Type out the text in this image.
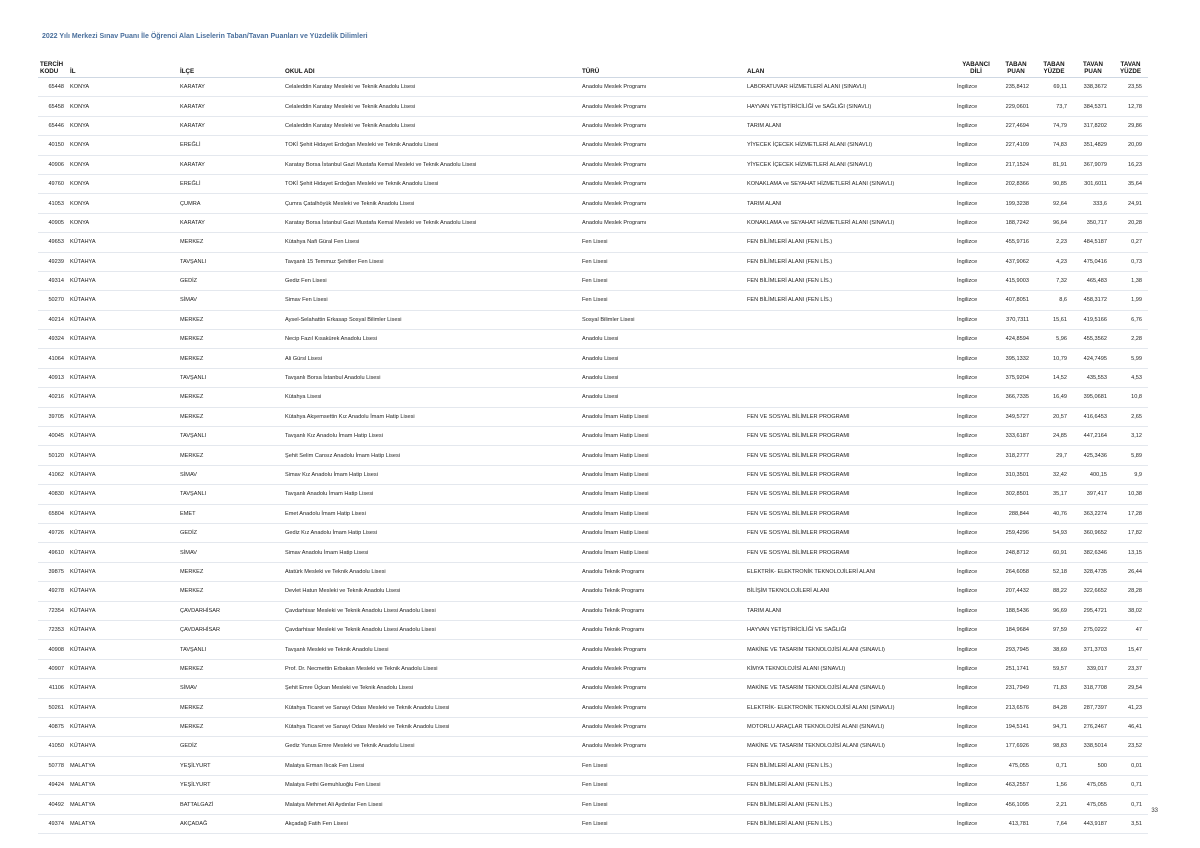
2022 Yılı Merkezi Sınav Puanı İle Öğrenci Alan Liselerin Taban/Tavan Puanları ve Yüzdelik Dilimleri
TERCİH KODU	İL	İLÇE	OKUL ADI	TÜRÜ	ALAN	YABANCI DİLİ	TABAN PUAN	TABAN YÜZDE	TAVAN PUAN	TAVAN YÜZDE
65448	KONYA	KARATAY	Celaleddin Karatay Mesleki ve Teknik Anadolu Lisesi	Anadolu Meslek Programı	LABORATUVAR HİZMETLERİ ALANI (SINAVLI)	İngilizce	235,8412	69,11	338,3672	23,55
65458	KONYA	KARATAY	Celaleddin Karatay Mesleki ve Teknik Anadolu Lisesi	Anadolu Meslek Programı	HAYVAN YETİŞTİRİCİLİĞİ ve SAĞLIĞI (SINAVLI)	İngilizce	229,0601	73,7	384,5371	12,78
65446	KONYA	KARATAY	Celaleddin Karatay Mesleki ve Teknik Anadolu Lisesi	Anadolu Meslek Programı	TARIM ALANI	İngilizce	227,4694	74,79	317,8202	29,86
40150	KONYA	EREĞLİ	TOKİ Şehit Hidayet Erdoğan Mesleki ve Teknik Anadolu Lisesi	Anadolu Meslek Programı	YİYECEK İÇECEK HİZMETLERİ ALANI (SINAVLI)	İngilizce	227,4109	74,83	351,4829	20,09
40906	KONYA	KARATAY	Karatay Borsa İstanbul Gazi Mustafa Kemal Mesleki ve Teknik Anadolu Lisesi	Anadolu Meslek Programı	YİYECEK İÇECEK HİZMETLERİ ALANI (SINAVLI)	İngilizce	217,1524	81,91	367,9079	16,23
49760	KONYA	EREĞLİ	TOKİ Şehit Hidayet Erdoğan Mesleki ve Teknik Anadolu Lisesi	Anadolu Meslek Programı	KONAKLAMA ve SEYAHAT HİZMETLERİ ALANI (SINAVLI)	İngilizce	202,8366	90,85	301,6011	35,64
41053	KONYA	ÇUMRA	Çumra Çatalhöyük Mesleki ve Teknik Anadolu Lisesi	Anadolu Meslek Programı	TARIM ALANI	İngilizce	199,3238	92,64	333,6	24,91
40905	KONYA	KARATAY	Karatay Borsa İstanbul Gazi Mustafa Kemal Mesleki ve Teknik Anadolu Lisesi	Anadolu Meslek Programı	KONAKLAMA ve SEYAHAT HİZMETLERİ ALANI (SINAVLI)	İngilizce	188,7242	96,64	350,717	20,28
49653	KÜTAHYA	MERKEZ	Kütahya Nafi Güral Fen Lisesi	Fen Lisesi	FEN BİLİMLERİ ALANI (FEN LİS.)	İngilizce	455,9716	2,23	484,5187	0,27
49239	KÜTAHYA	TAVŞANLI	Tavşanlı 15 Temmuz Şehitler Fen Lisesi	Fen Lisesi	FEN BİLİMLERİ ALANI (FEN LİS.)	İngilizce	437,9062	4,23	475,0416	0,73
49314	KÜTAHYA	GEDİZ	Gediz Fen Lisesi	Fen Lisesi	FEN BİLİMLERİ ALANI (FEN LİS.)	İngilizce	415,9003	7,32	465,483	1,38
50270	KÜTAHYA	SİMAV	Simav Fen Lisesi	Fen Lisesi	FEN BİLİMLERİ ALANI (FEN LİS.)	İngilizce	407,8051	8,6	458,3172	1,99
40214	KÜTAHYA	MERKEZ	Aysel-Selahattin Erkasap Sosyal Bilimler Lisesi	Sosyal Bilimler Lisesi		İngilizce	370,7311	15,61	419,5166	6,76
49324	KÜTAHYA	MERKEZ	Necip Fazıl Kısakürek Anadolu Lisesi	Anadolu Lisesi		İngilizce	424,8594	5,96	455,3562	2,28
41064	KÜTAHYA	MERKEZ	Ali Gürsl Lisesi	Anadolu Lisesi		İngilizce	395,1332	10,79	424,7495	5,99
40913	KÜTAHYA	TAVŞANLI	Tavşanlı Borsa İstanbul Anadolu Lisesi	Anadolu Lisesi		İngilizce	375,9204	14,52	435,553	4,53
40216	KÜTAHYA	MERKEZ	Kütahya Lisesi	Anadolu Lisesi		İngilizce	366,7335	16,49	395,0681	10,8
39705	KÜTAHYA	MERKEZ	Kütahya Akşemsettin Kız Anadolu İmam Hatip Lisesi	Anadolu İmam Hatip Lisesi	FEN VE SOSYAL BİLİMLER PROGRAMI	İngilizce	349,5727	20,57	416,6453	2,65
40045	KÜTAHYA	TAVŞANLI	Tavşanlı Kız Anadolu İmam Hatip Lisesi	Anadolu İmam Hatip Lisesi	FEN VE SOSYAL BİLİMLER PROGRAMI	İngilizce	333,6187	24,85	447,2164	3,12
50120	KÜTAHYA	MERKEZ	Şehit Selim Cansız Anadolu İmam Hatip Lisesi	Anadolu İmam Hatip Lisesi	FEN VE SOSYAL BİLİMLER PROGRAMI	İngilizce	318,2777	29,7	425,3436	5,89
41062	KÜTAHYA	SİMAV	Simav Kız Anadolu İmam Hatip Lisesi	Anadolu İmam Hatip Lisesi	FEN VE SOSYAL BİLİMLER PROGRAMI	İngilizce	310,3501	32,42	400,15	9,9
40830	KÜTAHYA	TAVŞANLI	Tavşanlı Anadolu İmam Hatip Lisesi	Anadolu İmam Hatip Lisesi	FEN VE SOSYAL BİLİMLER PROGRAMI	İngilizce	302,8501	35,17	397,417	10,38
65804	KÜTAHYA	EMET	Emet Anadolu İmam Hatip Lisesi	Anadolu İmam Hatip Lisesi	FEN VE SOSYAL BİLİMLER PROGRAMI	İngilizce	288,844	40,76	363,2274	17,28
49726	KÜTAHYA	GEDİZ	Gediz Kız Anadolu İmam Hatip Lisesi	Anadolu İmam Hatip Lisesi	FEN VE SOSYAL BİLİMLER PROGRAMI	İngilizce	259,4296	54,93	360,9652	17,82
49610	KÜTAHYA	SİMAV	Simav Anadolu İmam Hatip Lisesi	Anadolu İmam Hatip Lisesi	FEN VE SOSYAL BİLİMLER PROGRAMI	İngilizce	248,8712	60,91	382,6346	13,15
39875	KÜTAHYA	MERKEZ	Atatürk Mesleki ve Teknik Anadolu Lisesi	Anadolu Teknik Programı	ELEKTRİK- ELEKTRONİK TEKNOLOJİLERİ ALANI	İngilizce	264,6058	52,18	328,4735	26,44
49278	KÜTAHYA	MERKEZ	Devlet Hatun Mesleki ve Teknik Anadolu Lisesi	Anadolu Teknik Programı	BİLİŞİM TEKNOLOJİLERİ ALANI	İngilizce	207,4432	88,22	322,6652	28,28
72354	KÜTAHYA	ÇAVDARHİSAR	Çavdarhisar Mesleki ve Teknik Anadolu Lisesi Anadolu Lisesi	Anadolu Teknik Programı	TARIM ALANI	İngilizce	188,5436	96,69	295,4721	38,02
72353	KÜTAHYA	ÇAVDARHİSAR	Çavdarhisar Mesleki ve Teknik Anadolu Lisesi Anadolu Lisesi	Anadolu Teknik Programı	HAYVAN YETİŞTİRİCİLİĞİ VE SAĞLIĞI	İngilizce	184,9684	97,59	275,0222	47
40908	KÜTAHYA	TAVŞANLI	Tavşanlı Mesleki ve Teknik Anadolu Lisesi	Anadolu Meslek Programı	MAKİNE VE TASARIM TEKNOLOJİSİ ALANI (SINAVLI)	İngilizce	293,7945	38,69	371,3703	15,47
40907	KÜTAHYA	MERKEZ	Prof. Dr. Necmettin Erbakan Mesleki ve Teknik Anadolu Lisesi	Anadolu Meslek Programı	KİMYA TEKNOLOJİSİ ALANI (SINAVLI)	İngilizce	251,1741	59,57	339,017	23,37
41106	KÜTAHYA	SİMAV	Şehit Emre Üçkan Mesleki ve Teknik Anadolu Lisesi	Anadolu Meslek Programı	MAKİNE VE TASARIM TEKNOLOJİSİ ALANI (SINAVLI)	İngilizce	231,7949	71,83	318,7708	29,54
50261	KÜTAHYA	MERKEZ	Kütahya Ticaret ve Sanayi Odası Mesleki ve Teknik Anadolu Lisesi	Anadolu Meslek Programı	ELEKTRİK- ELEKTRONİK TEKNOLOJİSİ ALANI (SINAVLI)	İngilizce	213,6576	84,28	287,7397	41,23
40875	KÜTAHYA	MERKEZ	Kütahya Ticaret ve Sanayi Odası Mesleki ve Teknik Anadolu Lisesi	Anadolu Meslek Programı	MOTORLU ARAÇLAR TEKNOLOJİSİ ALANI (SINAVLI)	İngilizce	194,5141	94,71	276,2467	46,41
41050	KÜTAHYA	GEDİZ	Gediz Yunus Emre Mesleki ve Teknik Anadolu Lisesi	Anadolu Meslek Programı	MAKİNE VE TASARIM TEKNOLOJİSİ ALANI (SINAVLI)	İngilizce	177,6926	98,83	338,5014	23,52
50778	MALATYA	YEŞİLYURT	Malatya Erman Ilıcak Fen Lisesi	Fen Lisesi	FEN BİLİMLERİ ALANI (FEN LİS.)	İngilizce	475,055	0,71	500	0,01
49424	MALATYA	YEŞİLYURT	Malatya Fethi Gemuhluoğlu Fen Lisesi	Fen Lisesi	FEN BİLİMLERİ ALANI (FEN LİS.)	İngilizce	463,2557	1,56	475,055	0,71
40492	MALATYA	BATTALGAZİ	Malatya Mehmet Ali Aydınlar Fen Lisesi	Fen Lisesi	FEN BİLİMLERİ ALANI (FEN LİS.)	İngilizce	456,1095	2,21	475,055	0,71
49374	MALATYA	AKÇADAĞ	Akçadağ Fatih Fen Lisesi	Fen Lisesi	FEN BİLİMLERİ ALANI (FEN LİS.)	İngilizce	413,781	7,64	443,9187	3,51
33
